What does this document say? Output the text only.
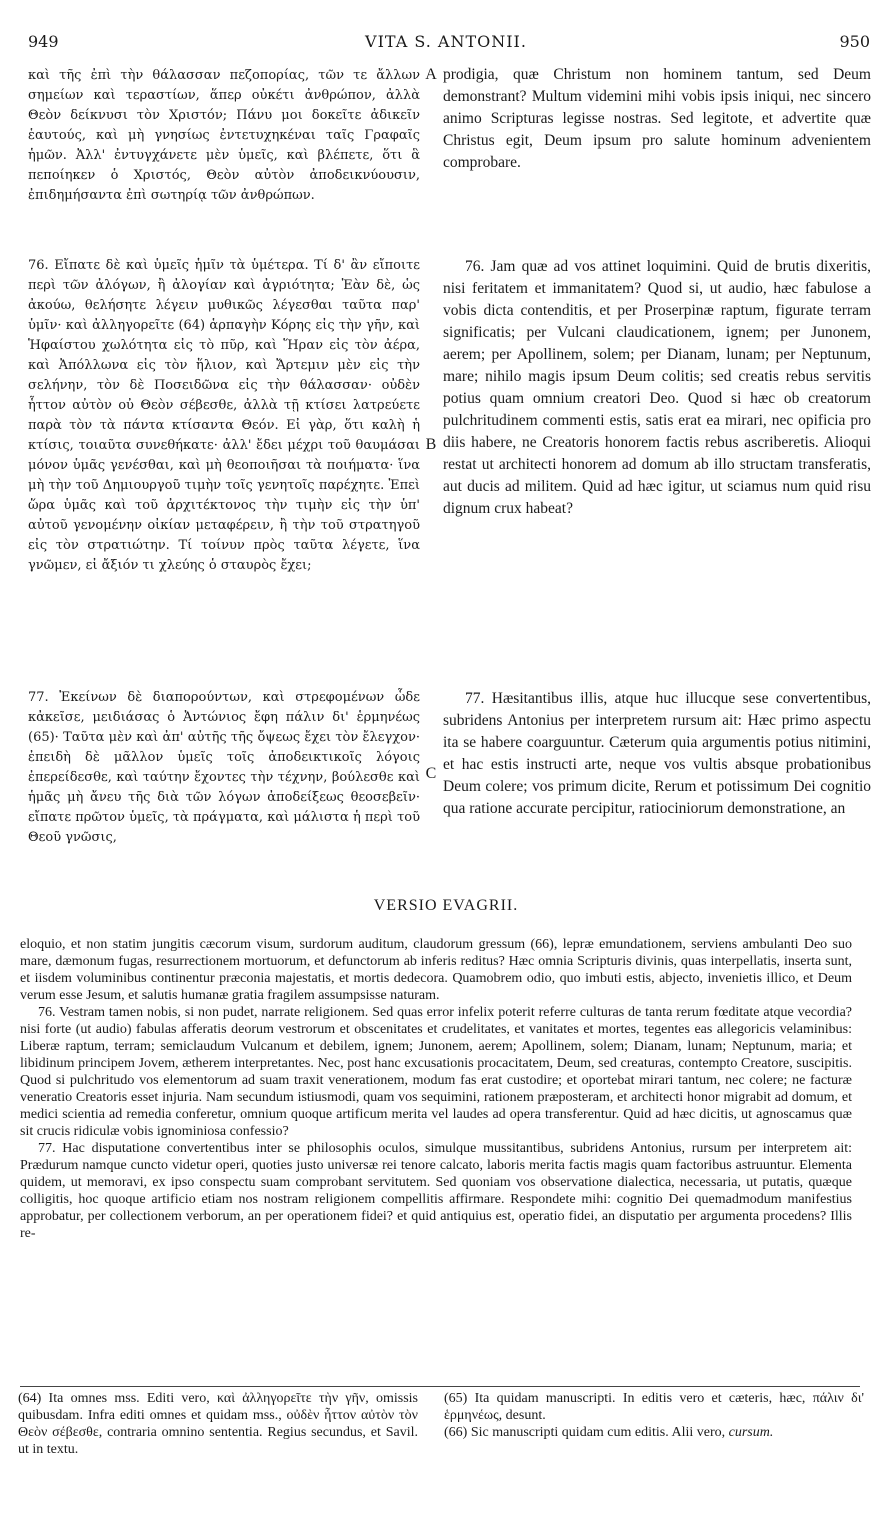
949	VITA S. ANTONII.	950

καὶ τῆς ἐπὶ τὴν θάλασσαν πεζοπορίας, τῶν τε ἄλλων σημείων καὶ τεραστίων, ἅπερ οὐκέτι ἀνθρώπον, ἀλλὰ Θεὸν δείκνυσι τὸν Χριστόν; Πάνυ μοι δοκεῖτε ἀδικεῖν ἑαυτούς, καὶ μὴ γνησίως ἐντετυχηκέναι ταῖς Γραφαῖς ἡμῶν. Ἀλλ' ἐντυγχάνετε μὲν ὑμεῖς, καὶ βλέπετε, ὅτι ἃ πεποίηκεν ὁ Χριστός, Θεὸν αὐτὸν ἀποδεικνύουσιν, ἐπιδημήσαντα ἐπὶ σωτηρίᾳ τῶν ἀνθρώπων.

76. Εἴπατε δὲ καὶ ὑμεῖς ἡμῖν τὰ ὑμέτερα. Τί δ' ἂν εἴποιτε περὶ τῶν ἀλόγων, ἢ ἀλογίαν καὶ ἀγριότητα; Ἐὰν δὲ, ὡς ἀκούω, θελήσητε λέγειν μυθικῶς λέγεσθαι ταῦτα παρ' ὑμῖν· καὶ ἀλληγορεῖτε (64) ἁρπαγὴν Κόρης εἰς τὴν γῆν, καὶ Ἡφαίστου χωλότητα εἰς τὸ πῦρ, καὶ Ἥραν εἰς τὸν ἀέρα, καὶ Ἀπόλλωνα εἰς τὸν ἥλιον, καὶ Ἄρτεμιν μὲν εἰς τὴν σελήνην, τὸν δὲ Ποσειδῶνα εἰς τὴν θάλασσαν· οὐδὲν ἧττον αὐτὸν οὐ Θεὸν σέβεσθε, ἀλλὰ τῇ κτίσει λατρεύετε παρὰ τὸν τὰ πάντα κτίσαντα Θεόν. Εἰ γὰρ, ὅτι καλὴ ἡ κτίσις, τοιαῦτα συνεθήκατε· ἀλλ' ἔδει μέχρι τοῦ θαυμάσαι μόνον ὑμᾶς γενέσθαι, καὶ μὴ θεοποιῆσαι τὰ ποιήματα· ἵνα μὴ τὴν τοῦ Δημιουργοῦ τιμὴν τοῖς γενητοῖς παρέχητε. Ἐπεὶ ὥρα ὑμᾶς καὶ τοῦ ἀρχιτέκτονος τὴν τιμὴν εἰς τὴν ὑπ' αὐτοῦ γενομένην οἰκίαν μεταφέρειν, ἢ τὴν τοῦ στρατηγοῦ εἰς τὸν στρατιώτην. Τί τοίνυν πρὸς ταῦτα λέγετε, ἵνα γνῶμεν, εἰ ἄξιόν τι χλεύης ὁ σταυρὸς ἔχει;

77. Ἐκείνων δὲ διαπορούντων, καὶ στρεφομένων ὧδε κἀκεῖσε, μειδιάσας ὁ Ἀντώνιος ἔφη πάλιν δι' ἑρμηνέως (65)· Ταῦτα μὲν καὶ ἀπ' αὐτῆς τῆς ὄψεως ἔχει τὸν ἔλεγχον· ἐπειδὴ δὲ μᾶλλον ὑμεῖς τοῖς ἀποδεικτικοῖς λόγοις ἐπερείδεσθε, καὶ ταύτην ἔχοντες τὴν τέχνην, βούλεσθε καὶ ἡμᾶς μὴ ἄνευ τῆς διὰ τῶν λόγων ἀποδείξεως θεοσεβεῖν· εἴπατε πρῶτον ὑμεῖς, τὰ πράγματα, καὶ μάλιστα ἡ περὶ τοῦ Θεοῦ γνῶσις,

A
B
C

prodigia, quæ Christum non hominem tantum, sed Deum demonstrant? Multum videmini mihi vobis ipsis iniqui, nec sincero animo Scripturas legisse nostras. Sed legitote, et advertite quæ Christus egit, Deum ipsum pro salute hominum advenientem comprobare.

76. Jam quæ ad vos attinet loquimini. Quid de brutis dixeritis, nisi feritatem et immanitatem? Quod si, ut audio, hæc fabulose a vobis dicta contenditis, et per Proserpinæ raptum, figurate terram significatis; per Vulcani claudicationem, ignem; per Junonem, aerem; per Apollinem, solem; per Dianam, lunam; per Neptunum, mare; nihilo magis ipsum Deum colitis; sed creatis rebus servitis potius quam omnium creatori Deo. Quod si hæc ob creatorum pulchritudinem commenti estis, satis erat ea mirari, nec opificia pro diis habere, ne Creatoris honorem factis rebus ascriberetis. Alioqui restat ut architecti honorem ad domum ab illo structam transferatis, aut ducis ad militem. Quid ad hæc igitur, ut sciamus num quid risu dignum crux habeat?

77. Hæsitantibus illis, atque huc illucque sese convertentibus, subridens Antonius per interpretem rursum ait: Hæc primo aspectu ita se habere coarguuntur. Cæterum quia argumentis potius nitimini, et hac estis instructi arte, neque vos vultis absque probationibus Deum colere; vos primum dicite, Rerum et potissimum Dei cognitio qua ratione accurate percipitur, ratiociniorum demonstratione, an

VERSIO EVAGRII.

eloquio, et non statim jungitis cæcorum visum, surdorum auditum, claudorum gressum (66), lepræ emundationem, serviens ambulanti Deo suo mare, dæmonum fugas, resurrectionem mortuorum, et defunctorum ab inferis reditus? Hæc omnia Scripturis divinis, quas interpellatis, inserta sunt, et iisdem voluminibus continentur præconia majestatis, et mortis dedecora. Quamobrem odio, quo imbuti estis, abjecto, invenietis illico, et Deum verum esse Jesum, et salutis humanæ gratia fragilem assumpsisse naturam.

76. Vestram tamen nobis, si non pudet, narrate religionem. Sed quas error infelix poterit referre culturas de tanta rerum fœditate atque vecordia? nisi forte (ut audio) fabulas afferatis deorum vestrorum et obscenitates et crudelitates, et vanitates et mortes, tegentes eas allegoricis velaminibus: Liberæ raptum, terram; semiclaudum Vulcanum et debilem, ignem; Junonem, aerem; Apollinem, solem; Dianam, lunam; Neptunum, maria; et libidinum principem Jovem, ætherem interpretantes. Nec, post hanc excusationis procacitatem, Deum, sed creaturas, contempto Creatore, suscipitis. Quod si pulchritudo vos elementorum ad suam traxit venerationem, modum fas erat custodire; et oportebat mirari tantum, nec colere; ne facturæ veneratio Creatoris esset injuria. Nam secundum istiusmodi, quam vos sequimini, rationem præposteram, et architecti honor migrabit ad domum, et medici scientia ad remedia conferetur, omnium quoque artificum merita vel laudes ad opera transferentur. Quid ad hæc dicitis, ut agnoscamus quæ sit crucis ridiculæ vobis ignominiosa confessio?

77. Hac disputatione convertentibus inter se philosophis oculos, simulque mussitantibus, subridens Antonius, rursum per interpretem ait: Prædurum namque cuncto videtur operi, quoties justo universæ rei tenore calcato, laboris merita factis magis quam factoribus astruuntur. Elementa quidem, ut memoravi, ex ipso conspectu suam comprobant servitutem. Sed quoniam vos observatione dialectica, necessaria, ut putatis, quæque colligitis, hoc quoque artificio etiam nos nostram religionem compellitis affirmare. Respondete mihi: cognitio Dei quemadmodum manifestius approbatur, per collectionem verborum, an per operationem fidei? et quid antiquius est, operatio fidei, an disputatio per argumenta procedens? Illis re-

(64) Ita omnes mss. Editi vero, καὶ ἀλληγορεῖτε τὴν γῆν, omissis quibusdam. Infra editi omnes et quidam mss., οὐδὲν ἧττον αὐτὸν τὸν Θεὸν σέβεσθε, contraria omnino sententia. Regius secundus, et Savil. ut in textu.

(65) Ita quidam manuscripti. In editis vero et cæteris, hæc, πάλιν δι' ἑρμηνέως, desunt.

(66) Sic manuscripti quidam cum editis. Alii vero, cursum.
